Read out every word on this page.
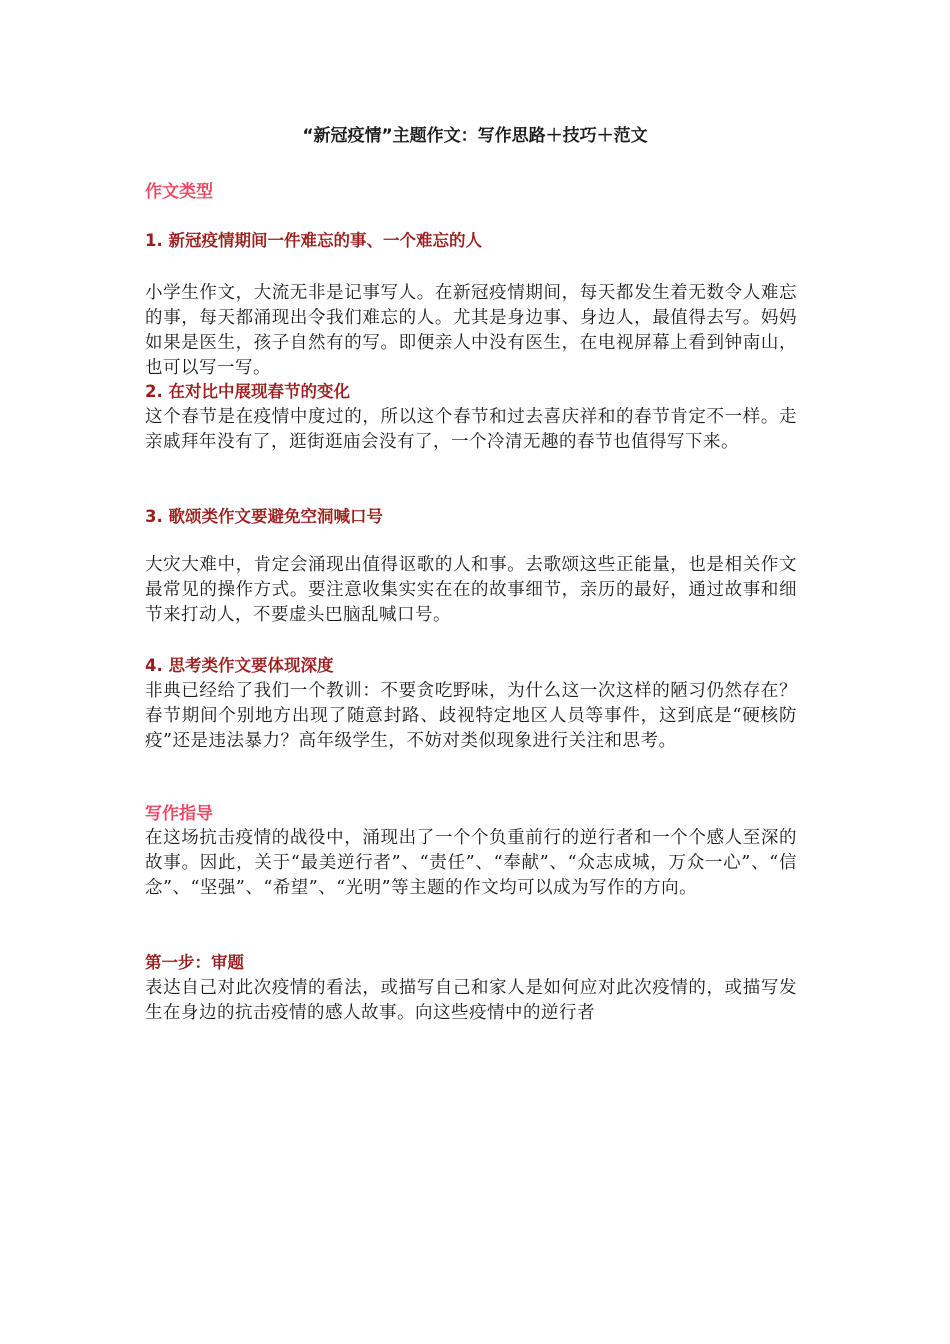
“新冠疫情”主题作文：写作思路＋技巧＋范文
作文类型
1. 新冠疫情期间一件难忘的事、一个难忘的人

小学生作文，大流无非是记事写人。在新冠疫情期间，每天都发生着无数令人难忘的事，每天都涌现出令我们难忘的人。尤其是身边事、身边人，最值得去写。妈妈如果是医生，孩子自然有的写。即便亲人中没有医生，在电视屏幕上看到钟南山，也可以写一写。

2. 在对比中展现春节的变化

这个春节是在疫情中度过的，所以这个春节和过去喜庆祥和的春节肯定不一样。走亲戚拜年没有了，逛街逛庙会没有了，一个冷清无趣的春节也值得写下来。

3. 歌颂类作文要避免空洞喊口号

大灾大难中，肯定会涌现出值得讴歌的人和事。去歌颂这些正能量，也是相关作文最常见的操作方式。要注意收集实实在在的故事细节，亲历的最好，通过故事和细节来打动人，不要虚头巴脑乱喊口号。

4. 思考类作文要体现深度

非典已经给了我们一个教训：不要贪吃野味，为什么这一次这样的陋习仍然存在？春节期间个别地方出现了随意封路、歧视特定地区人员等事件，这到底是“硬核防疫”还是违法暴力？高年级学生，不妨对类似现象进行关注和思考。

写作指导

在这场抗击疫情的战役中，涌现出了一个个负重前行的逆行者和一个个感人至深的故事。因此，关于“最美逆行者”、“责任”、“奉献”、“众志成城，万众一心”、“信念”、“坚强”、“希望”、“光明”等主题的作文均可以成为写作的方向。

第一步：审题

表达自己对此次疫情的看法，或描写自己和家人是如何应对此次疫情的，或描写发生在身边的抗击疫情的感人故事。向这些疫情中的逆行者
